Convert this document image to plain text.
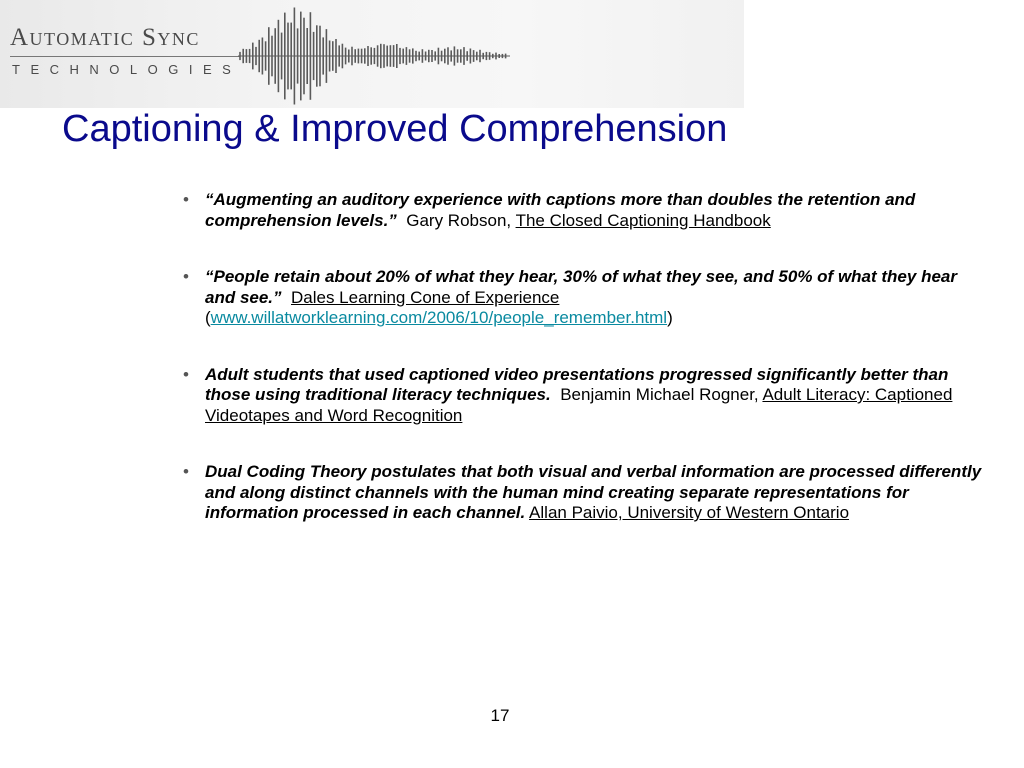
Automatic Sync
TECHNOLOGIES
Captioning & Improved Comprehension
• “Augmenting an auditory experience with captions more than doubles the retention and comprehension levels.” Gary Robson, The Closed Captioning Handbook
• “People retain about 20% of what they hear, 30% of what they see, and 50% of what they hear and see.” Dales Learning Cone of Experience (www.willatworklearning.com/2006/10/people_remember.html)
• Adult students that used captioned video presentations progressed significantly better than those using traditional literacy techniques. Benjamin Michael Rogner, Adult Literacy: Captioned Videotapes and Word Recognition
• Dual Coding Theory postulates that both visual and verbal information are processed differently and along distinct channels with the human mind creating separate representations for information processed in each channel. Allan Paivio, University of Western Ontario
17
